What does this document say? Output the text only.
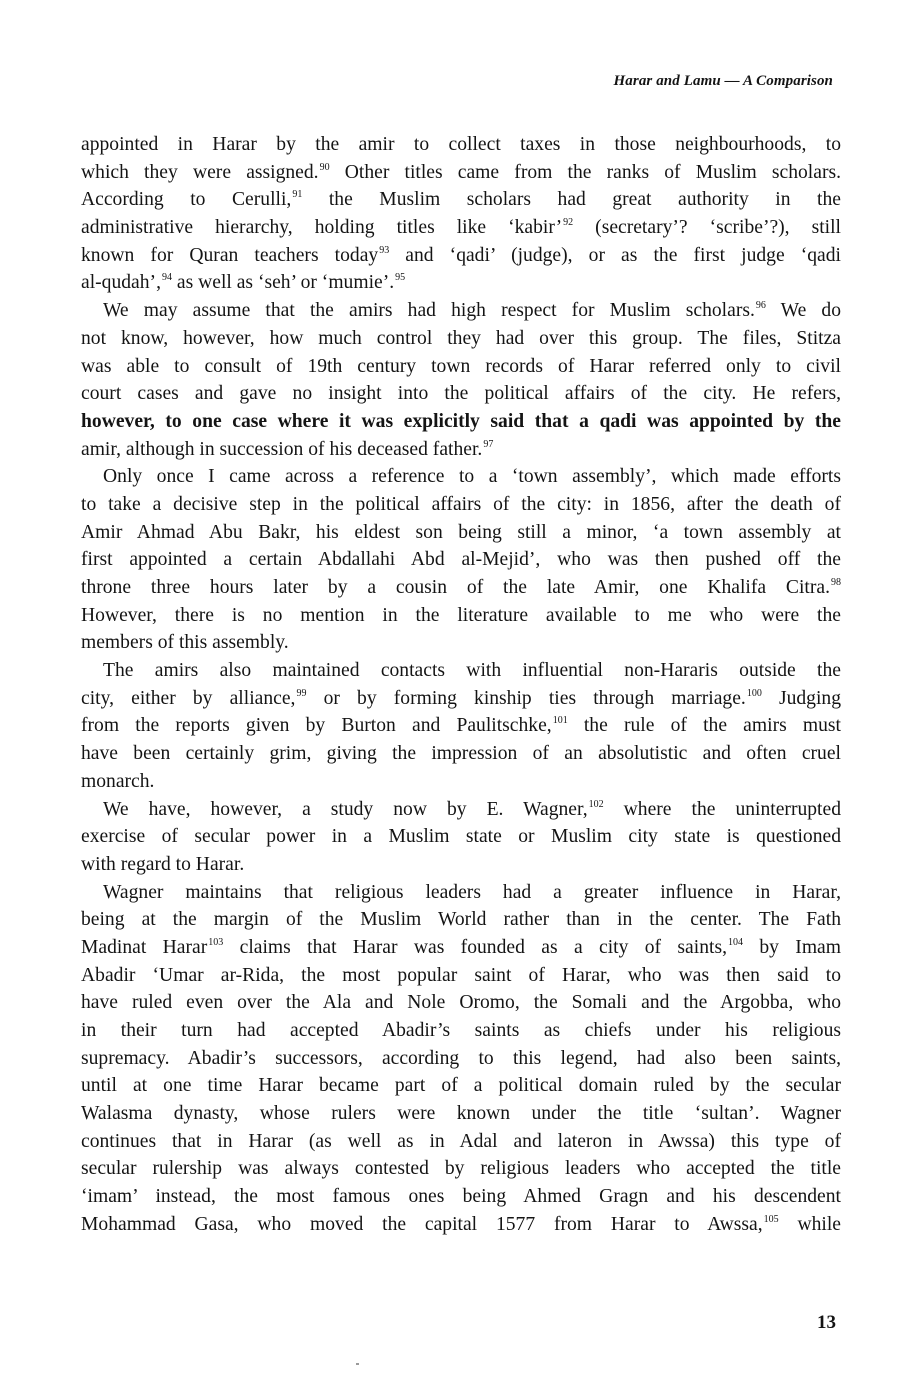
Harar and Lamu — A Comparison
appointed in Harar by the amir to collect taxes in those neighbourhoods, to
which they were assigned.$^{90}$ Other titles came from the ranks of Muslim scholars.
According to Cerulli,$^{91}$ the Muslim scholars had great authority in the
administrative hierarchy, holding titles like ‘kabir’$^{92}$ (secretary’? ‘scribe’?), still
known for Quran teachers today$^{93}$ and ‘qadi’ (judge), or as the first judge ‘qadi
al-qudah’,$^{94}$ as well as ‘seh’ or ‘mumie’.$^{95}$
We may assume that the amirs had high respect for Muslim scholars.$^{96}$ We do
not know, however, how much control they had over this group. The files, Stitza
was able to consult of 19th century town records of Harar referred only to civil
court cases and gave no insight into the political affairs of the city. He refers,
however, to one case where it was explicitly said that a qadi was appointed by the
amir, although in succession of his deceased father.$^{97}$
Only once I came across a reference to a ‘town assembly’, which made efforts
to take a decisive step in the political affairs of the city: in 1856, after the death of
Amir Ahmad Abu Bakr, his eldest son being still a minor, ‘a town assembly at
first appointed a certain Abdallahi Abd al-Mejid’, who was then pushed off the
throne three hours later by a cousin of the late Amir, one Khalifa Citra.$^{98}$
However, there is no mention in the literature available to me who were the
members of this assembly.
The amirs also maintained contacts with influential non-Hararis outside the
city, either by alliance,$^{99}$ or by forming kinship ties through marriage.$^{100}$ Judging
from the reports given by Burton and Paulitschke,$^{101}$ the rule of the amirs must
have been certainly grim, giving the impression of an absolutistic and often cruel
monarch.
We have, however, a study now by E. Wagner,$^{102}$ where the uninterrupted
exercise of secular power in a Muslim state or Muslim city state is questioned
with regard to Harar.
Wagner maintains that religious leaders had a greater influence in Harar,
being at the margin of the Muslim World rather than in the center. The Fath
Madinat Harar$^{103}$ claims that Harar was founded as a city of saints,$^{104}$ by Imam
Abadir ‘Umar ar-Rida, the most popular saint of Harar, who was then said to
have ruled even over the Ala and Nole Oromo, the Somali and the Argobba, who
in their turn had accepted Abadir’s saints as chiefs under his religious
supremacy. Abadir’s successors, according to this legend, had also been saints,
until at one time Harar became part of a political domain ruled by the secular
Walasma dynasty, whose rulers were known under the title ‘sultan’. Wagner
continues that in Harar (as well as in Adal and lateron in Awssa) this type of
secular rulership was always contested by religious leaders who accepted the title
‘imam’ instead, the most famous ones being Ahmed Gragn and his descendent
Mohammad Gasa, who moved the capital 1577 from Harar to Awssa,$^{105}$ while
13
